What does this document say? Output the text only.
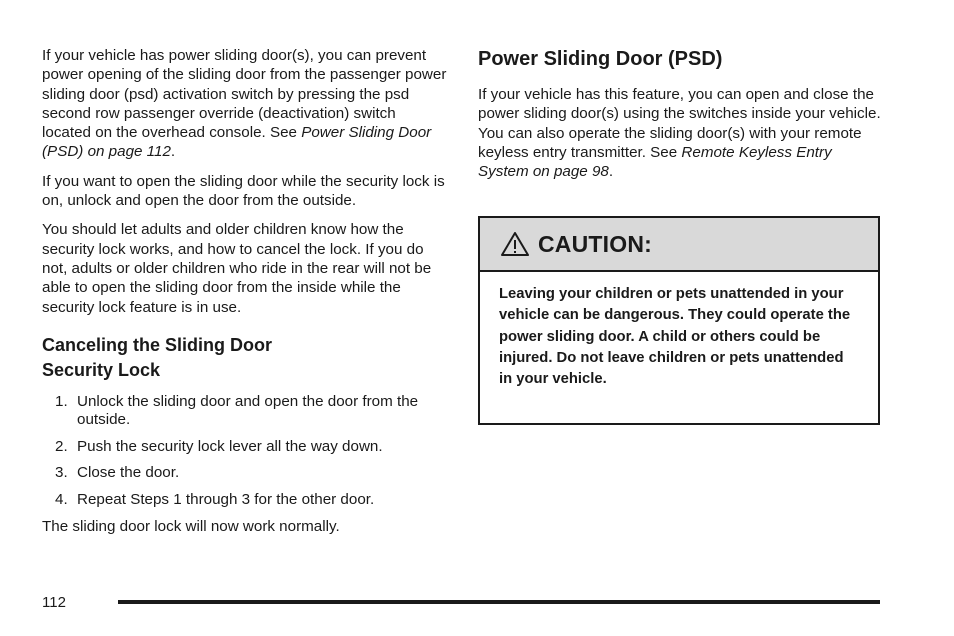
If your vehicle has power sliding door(s), you can prevent power opening of the sliding door from the passenger power sliding door (psd) activation switch by pressing the psd second row passenger override (deactivation) switch located on the overhead console. See Power Sliding Door (PSD) on page 112.

If you want to open the sliding door while the security lock is on, unlock and open the door from the outside.

You should let adults and older children know how the security lock works, and how to cancel the lock. If you do not, adults or older children who ride in the rear will not be able to open the sliding door from the inside while the security lock feature is in use.

Canceling the Sliding Door
Security Lock
1. Unlock the sliding door and open the door from the outside.
2. Push the security lock lever all the way down.
3. Close the door.
4. Repeat Steps 1 through 3 for the other door.

The sliding door lock will now work normally.

Power Sliding Door (PSD)

If your vehicle has this feature, you can open and close the power sliding door(s) using the switches inside your vehicle. You can also operate the sliding door(s) with your remote keyless entry transmitter. See Remote Keyless Entry System on page 98.

CAUTION:
Leaving your children or pets unattended in your vehicle can be dangerous. They could operate the power sliding door. A child or others could be injured. Do not leave children or pets unattended in your vehicle.
112
